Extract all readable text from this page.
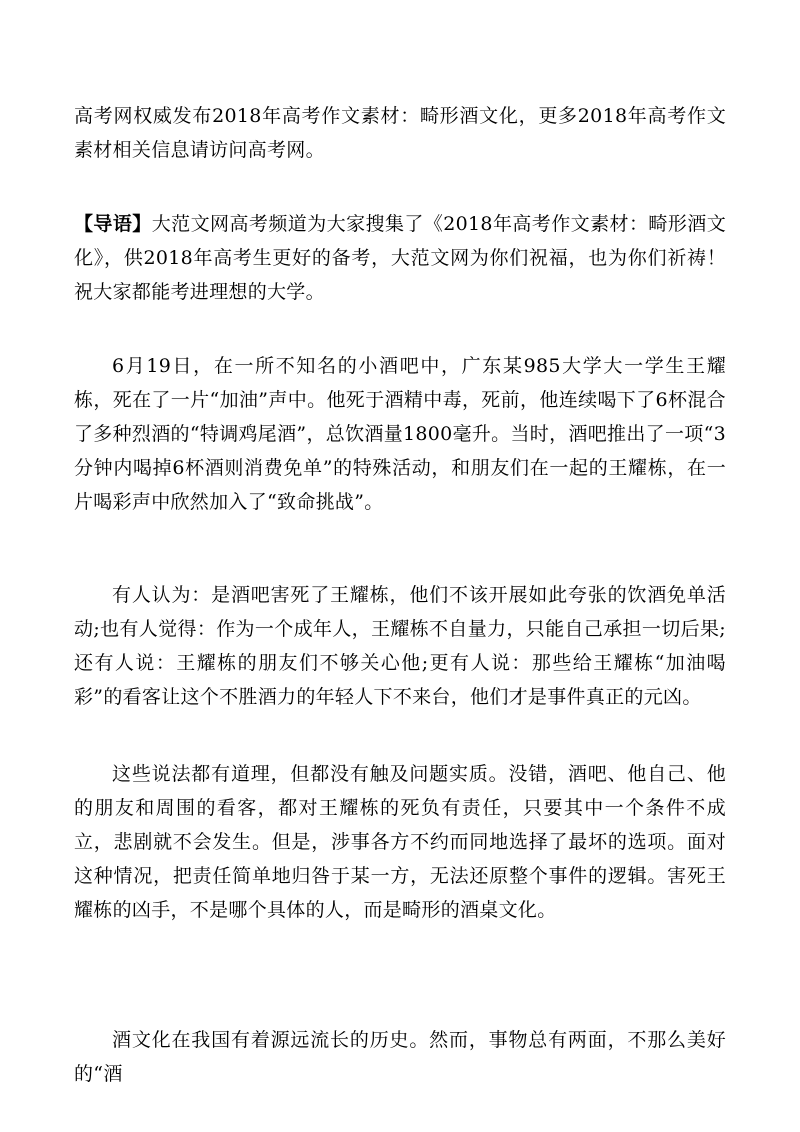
高考网权威发布2018年高考作文素材：畸形酒文化，更多2018年高考作文素材相关信息请访问高考网。

【导语】大范文网高考频道为大家搜集了《2018年高考作文素材：畸形酒文化》，供2018年高考生更好的备考，大范文网为你们祝福，也为你们祈祷！祝大家都能考进理想的大学。

6月19日，在一所不知名的小酒吧中，广东某985大学大一学生王耀栋，死在了一片“加油”声中。他死于酒精中毒，死前，他连续喝下了6杯混合了多种烈酒的“特调鸡尾酒”，总饮酒量1800毫升。当时，酒吧推出了一项“3分钟内喝掉6杯酒则消费免单”的特殊活动，和朋友们在一起的王耀栋，在一片喝彩声中欣然加入了“致命挑战”。

有人认为：是酒吧害死了王耀栋，他们不该开展如此夸张的饮酒免单活动;也有人觉得：作为一个成年人，王耀栋不自量力，只能自己承担一切后果;还有人说：王耀栋的朋友们不够关心他;更有人说：那些给王耀栋“加油喝彩”的看客让这个不胜酒力的年轻人下不来台，他们才是事件真正的元凶。

这些说法都有道理，但都没有触及问题实质。没错，酒吧、他自己、他的朋友和周围的看客，都对王耀栋的死负有责任，只要其中一个条件不成立，悲剧就不会发生。但是，涉事各方不约而同地选择了最坏的选项。面对这种情况，把责任简单地归咎于某一方，无法还原整个事件的逻辑。害死王耀栋的凶手，不是哪个具体的人，而是畸形的酒桌文化。

酒文化在我国有着源远流长的历史。然而，事物总有两面，不那么美好的“酒
